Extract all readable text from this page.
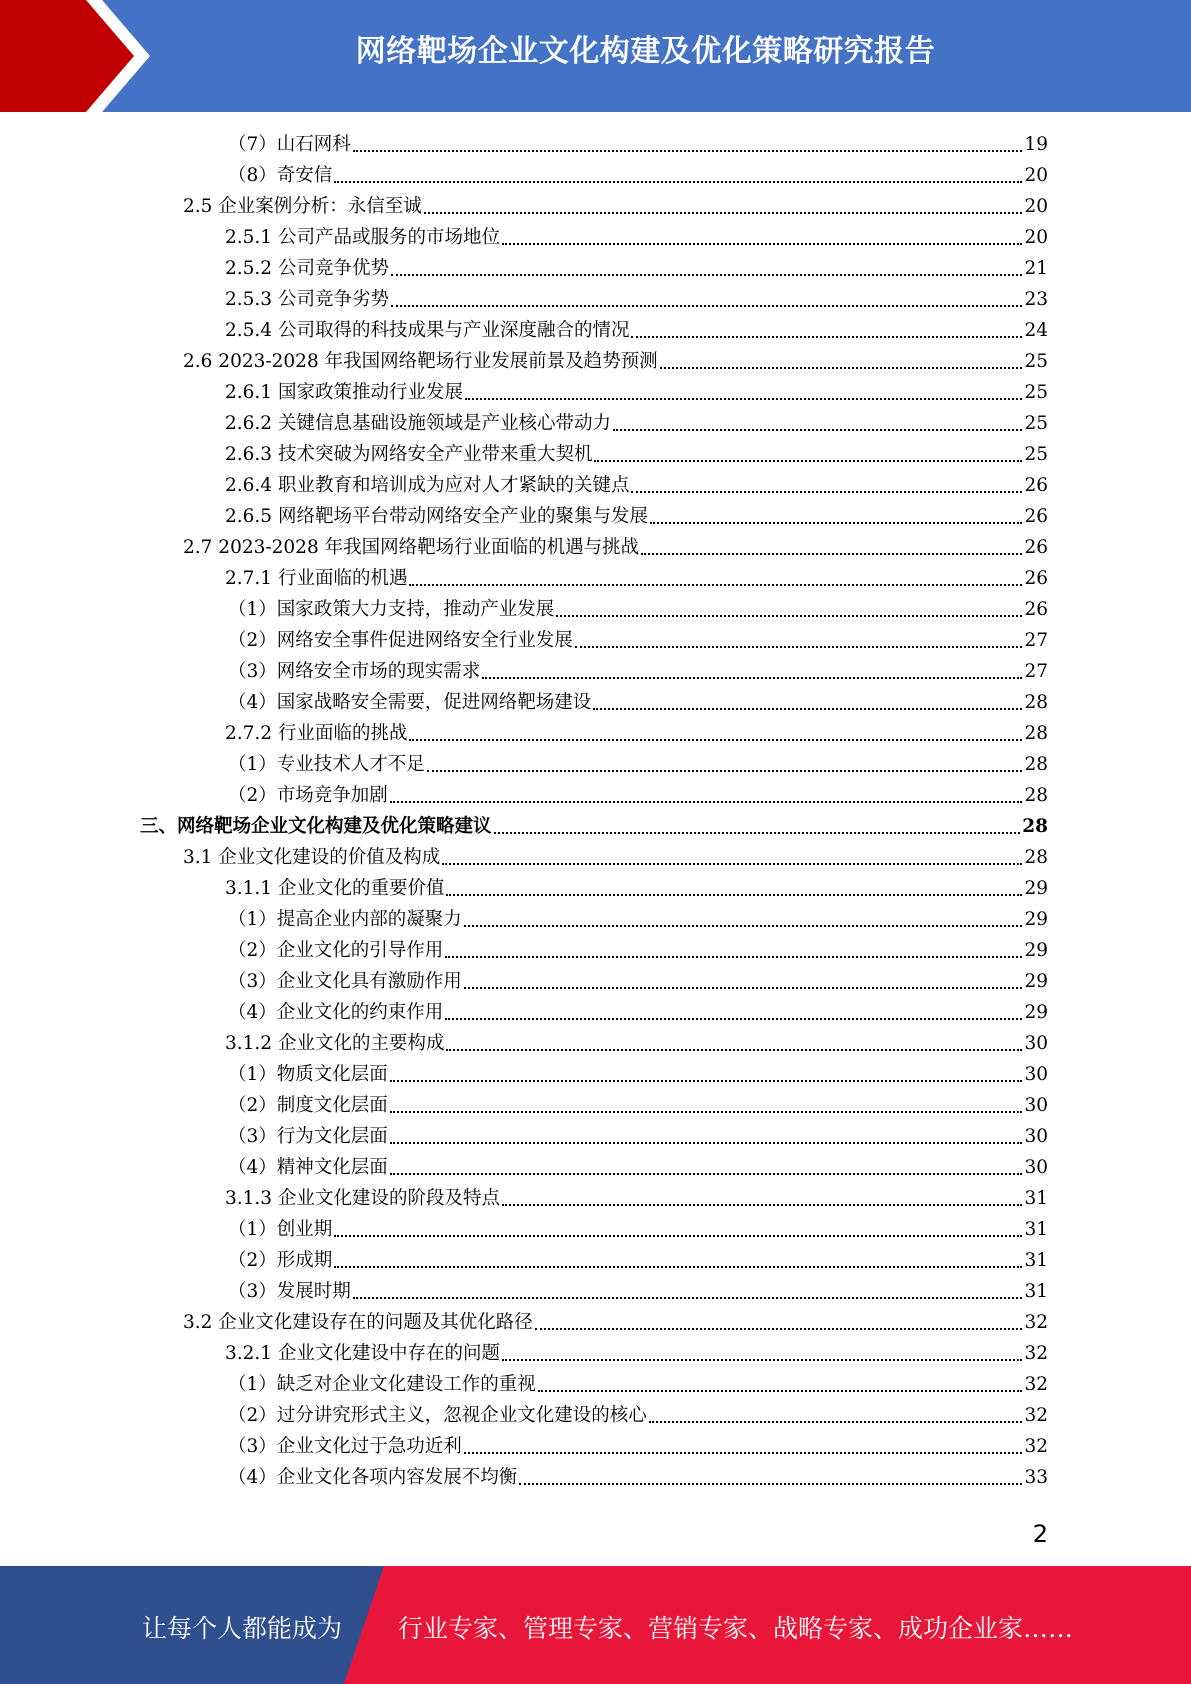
网络靶场企业文化构建及优化策略研究报告
（7）山石网科	19
（8）奇安信	20
2.5 企业案例分析：永信至诚	20
2.5.1 公司产品或服务的市场地位	20
2.5.2 公司竞争优势	21
2.5.3 公司竞争劣势	23
2.5.4 公司取得的科技成果与产业深度融合的情况	24
2.6 2023-2028 年我国网络靶场行业发展前景及趋势预测	25
2.6.1 国家政策推动行业发展	25
2.6.2 关键信息基础设施领域是产业核心带动力	25
2.6.3 技术突破为网络安全产业带来重大契机	25
2.6.4 职业教育和培训成为应对人才紧缺的关键点	26
2.6.5 网络靶场平台带动网络安全产业的聚集与发展	26
2.7 2023-2028 年我国网络靶场行业面临的机遇与挑战	26
2.7.1 行业面临的机遇	26
（1）国家政策大力支持，推动产业发展	26
（2）网络安全事件促进网络安全行业发展	27
（3）网络安全市场的现实需求	27
（4）国家战略安全需要，促进网络靶场建设	28
2.7.2 行业面临的挑战	28
（1）专业技术人才不足	28
（2）市场竞争加剧	28
三、网络靶场企业文化构建及优化策略建议	28
3.1 企业文化建设的价值及构成	28
3.1.1 企业文化的重要价值	29
（1）提高企业内部的凝聚力	29
（2）企业文化的引导作用	29
（3）企业文化具有激励作用	29
（4）企业文化的约束作用	29
3.1.2 企业文化的主要构成	30
（1）物质文化层面	30
（2）制度文化层面	30
（3）行为文化层面	30
（4）精神文化层面	30
3.1.3 企业文化建设的阶段及特点	31
（1）创业期	31
（2）形成期	31
（3）发展时期	31
3.2 企业文化建设存在的问题及其优化路径	32
3.2.1 企业文化建设中存在的问题	32
（1）缺乏对企业文化建设工作的重视	32
（2）过分讲究形式主义，忽视企业文化建设的核心	32
（3）企业文化过于急功近利	32
（4）企业文化各项内容发展不均衡	33
2
让每个人都能成为 行业专家、管理专家、营销专家、战略专家、成功企业家……
